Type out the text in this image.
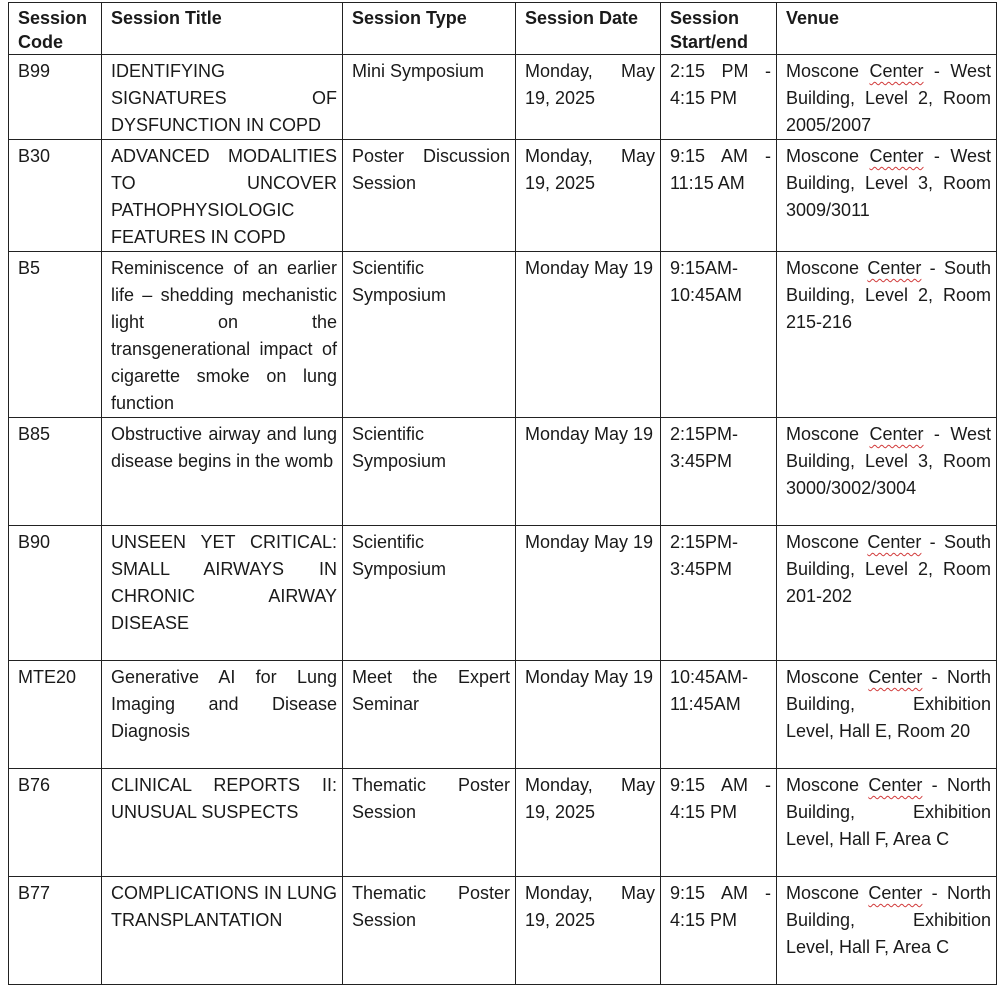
Session Code	Session Title	Session Type	Session Date	Session Start/end	Venue
B99	IDENTIFYING SIGNATURES OF DYSFUNCTION IN COPD	Mini Symposium	Monday, May 19, 2025	2:15 PM - 4:15 PM	Moscone Center - West Building, Level 2, Room 2005/2007
B30	ADVANCED MODALITIES TO UNCOVER PATHOPHYSIOLOGIC FEATURES IN COPD	Poster Discussion Session	Monday, May 19, 2025	9:15 AM - 11:15 AM	Moscone Center - West Building, Level 3, Room 3009/3011
B5	Reminiscence of an earlier life – shedding mechanistic light on the transgenerational impact of cigarette smoke on lung function	Scientific Symposium	Monday May 19	9:15AM-10:45AM	Moscone Center - South Building, Level 2, Room 215-216
B85	Obstructive airway and lung disease begins in the womb	Scientific Symposium	Monday May 19	2:15PM-3:45PM	Moscone Center - West Building, Level 3, Room 3000/3002/3004
B90	UNSEEN YET CRITICAL: SMALL AIRWAYS IN CHRONIC AIRWAY DISEASE	Scientific Symposium	Monday May 19	2:15PM-3:45PM	Moscone Center - South Building, Level 2, Room 201-202
MTE20	Generative AI for Lung Imaging and Disease Diagnosis	Meet the Expert Seminar	Monday May 19	10:45AM-11:45AM	Moscone Center - North Building, Exhibition Level, Hall E, Room 20
B76	CLINICAL REPORTS II: UNUSUAL SUSPECTS	Thematic Poster Session	Monday, May 19, 2025	9:15 AM - 4:15 PM	Moscone Center - North Building, Exhibition Level, Hall F, Area C
B77	COMPLICATIONS IN LUNG TRANSPLANTATION	Thematic Poster Session	Monday, May 19, 2025	9:15 AM - 4:15 PM	Moscone Center - North Building, Exhibition Level, Hall F, Area C
